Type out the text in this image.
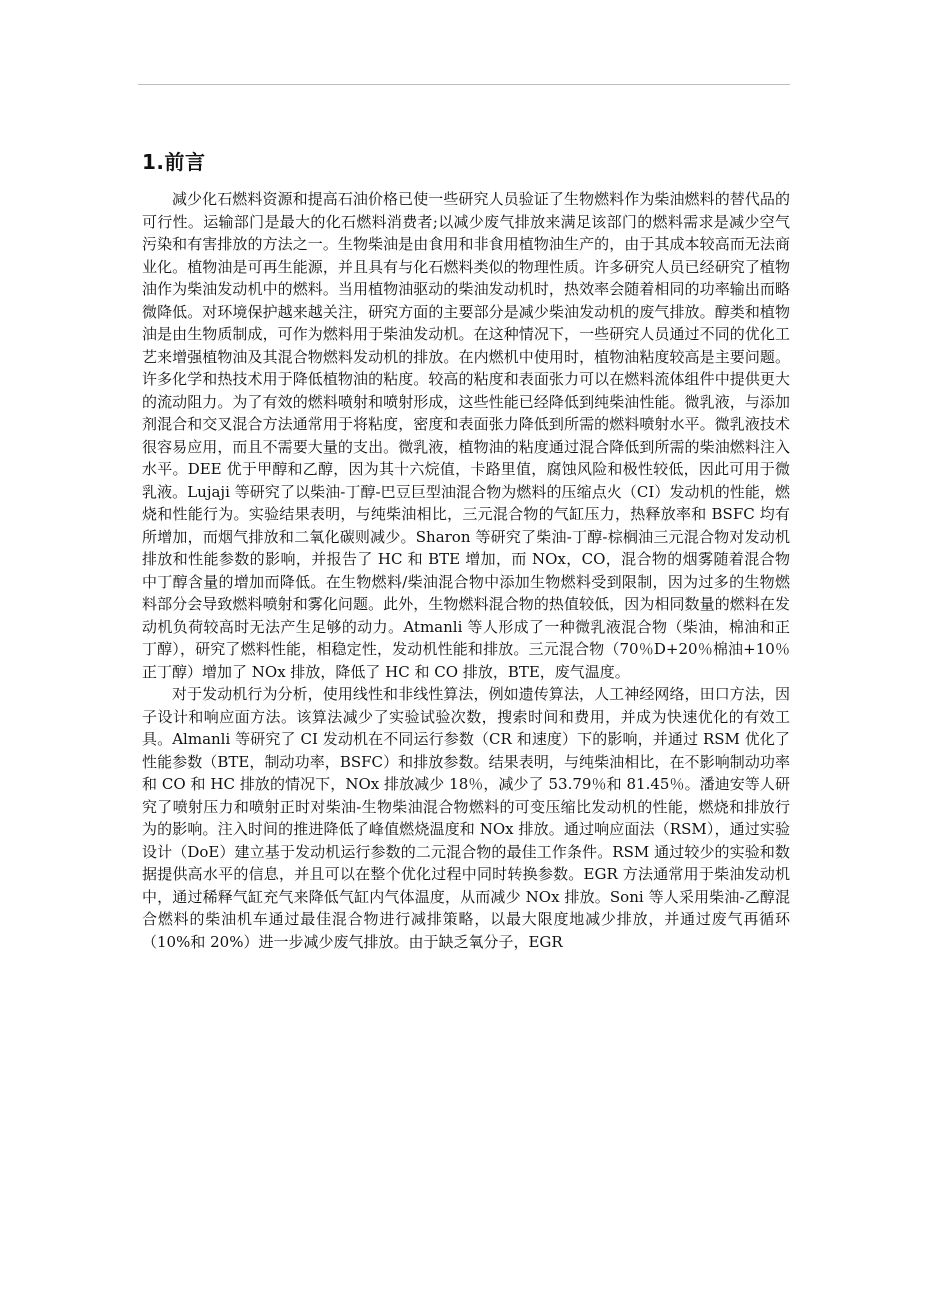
1.前言

减少化石燃料资源和提高石油价格已使一些研究人员验证了生物燃料作为柴油燃料的替代品的可行性。运输部门是最大的化石燃料消费者;以减少废气排放来满足该部门的燃料需求是减少空气污染和有害排放的方法之一。生物柴油是由食用和非食用植物油生产的，由于其成本较高而无法商业化。植物油是可再生能源，并且具有与化石燃料类似的物理性质。许多研究人员已经研究了植物油作为柴油发动机中的燃料。当用植物油驱动的柴油发动机时，热效率会随着相同的功率输出而略微降低。对环境保护越来越关注，研究方面的主要部分是减少柴油发动机的废气排放。醇类和植物油是由生物质制成，可作为燃料用于柴油发动机。在这种情况下，一些研究人员通过不同的优化工艺来增强植物油及其混合物燃料发动机的排放。在内燃机中使用时，植物油粘度较高是主要问题。许多化学和热技术用于降低植物油的粘度。较高的粘度和表面张力可以在燃料流体组件中提供更大的流动阻力。为了有效的燃料喷射和喷射形成，这些性能已经降低到纯柴油性能。微乳液，与添加剂混合和交叉混合方法通常用于将粘度，密度和表面张力降低到所需的燃料喷射水平。微乳液技术很容易应用，而且不需要大量的支出。微乳液，植物油的粘度通过混合降低到所需的柴油燃料注入水平。DEE 优于甲醇和乙醇，因为其十六烷值，卡路里值，腐蚀风险和极性较低，因此可用于微乳液。Lujaji 等研究了以柴油-丁醇-巴豆巨型油混合物为燃料的压缩点火（CI）发动机的性能，燃烧和性能行为。实验结果表明，与纯柴油相比，三元混合物的气缸压力，热释放率和 BSFC 均有所增加，而烟气排放和二氧化碳则减少。Sharon 等研究了柴油-丁醇-棕榈油三元混合物对发动机排放和性能参数的影响，并报告了 HC 和 BTE 增加，而 NOx，CO，混合物的烟雾随着混合物中丁醇含量的增加而降低。在生物燃料/柴油混合物中添加生物燃料受到限制，因为过多的生物燃料部分会导致燃料喷射和雾化问题。此外，生物燃料混合物的热值较低，因为相同数量的燃料在发动机负荷较高时无法产生足够的动力。Atmanli 等人形成了一种微乳液混合物（柴油，棉油和正丁醇），研究了燃料性能，相稳定性，发动机性能和排放。三元混合物（70％D+20％棉油+10％正丁醇）增加了 NOx 排放，降低了 HC 和 CO 排放，BTE，废气温度。

对于发动机行为分析，使用线性和非线性算法，例如遗传算法，人工神经网络，田口方法，因子设计和响应面方法。该算法减少了实验试验次数，搜索时间和费用，并成为快速优化的有效工具。Almanli 等研究了 CI 发动机在不同运行参数（CR 和速度）下的影响，并通过 RSM 优化了性能参数（BTE，制动功率，BSFC）和排放参数。结果表明，与纯柴油相比，在不影响制动功率和 CO 和 HC 排放的情况下，NOx 排放减少 18％，减少了 53.79％和 81.45％。潘迪安等人研究了喷射压力和喷射正时对柴油-生物柴油混合物燃料的可变压缩比发动机的性能，燃烧和排放行为的影响。注入时间的推进降低了峰值燃烧温度和 NOx 排放。通过响应面法（RSM），通过实验设计（DoE）建立基于发动机运行参数的二元混合物的最佳工作条件。RSM 通过较少的实验和数据提供高水平的信息，并且可以在整个优化过程中同时转换参数。EGR 方法通常用于柴油发动机中，通过稀释气缸充气来降低气缸内气体温度，从而减少 NOx 排放。Soni 等人采用柴油-乙醇混合燃料的柴油机车通过最佳混合物进行减排策略，以最大限度地减少排放，并通过废气再循环（10%和 20%）进一步减少废气排放。由于缺乏氧分子，EGR
